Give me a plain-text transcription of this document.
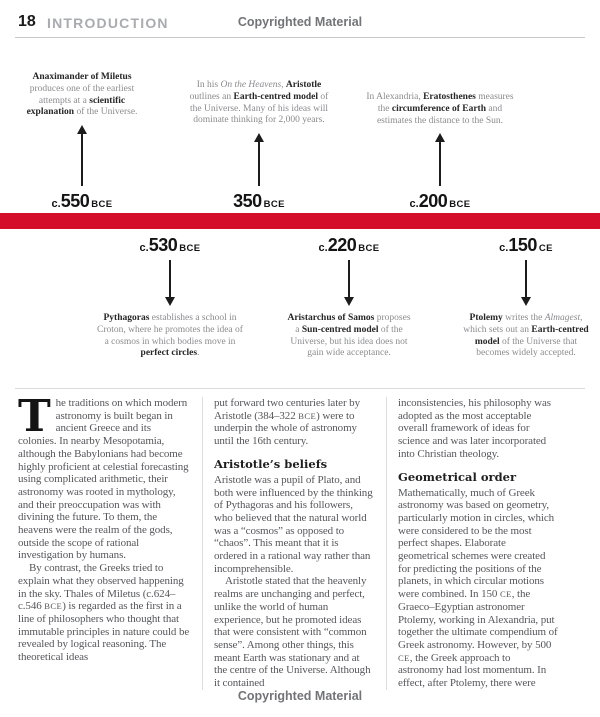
18 INTRODUCTION	Copyrighted Material
Anaximander of Miletus produces one of the earliest attempts at a scientific explanation of the Universe.
c. 550 BCE
In his On the Heavens, Aristotle outlines an Earth-centred model of the Universe. Many of his ideas will dominate thinking for 2,000 years.
350 BCE
In Alexandria, Eratosthenes measures the circumference of Earth and estimates the distance to the Sun.
c. 200 BCE
c. 530 BCE
Pythagoras establishes a school in Croton, where he promotes the idea of a cosmos in which bodies move in perfect circles.
c. 220 BCE
Aristarchus of Samos proposes a Sun-centred model of the Universe, but his idea does not gain wide acceptance.
c. 150 CE
Ptolemy writes the Almagest, which sets out an Earth-centred model of the Universe that becomes widely accepted.

The traditions on which modern astronomy is built began in ancient Greece and its colonies. In nearby Mesopotamia, although the Babylonians had become highly proficient at celestial forecasting using complicated arithmetic, their astronomy was rooted in mythology, and their preoccupation was with divining the future. To them, the heavens were the realm of the gods, outside the scope of rational investigation by humans.

By contrast, the Greeks tried to explain what they observed happening in the sky. Thales of Miletus (c.624–c.546 BCE) is regarded as the first in a line of philosophers who thought that immutable principles in nature could be revealed by logical reasoning. The theoretical ideas

put forward two centuries later by Aristotle (384–322 BCE) were to underpin the whole of astronomy until the 16th century.

Aristotle’s beliefs

Aristotle was a pupil of Plato, and both were influenced by the thinking of Pythagoras and his followers, who believed that the natural world was a “cosmos” as opposed to “chaos”. This meant that it is ordered in a rational way rather than incomprehensible.

Aristotle stated that the heavenly realms are unchanging and perfect, unlike the world of human experience, but he promoted ideas that were consistent with “common sense”. Among other things, this meant Earth was stationary and at the centre of the Universe. Although it contained

inconsistencies, his philosophy was adopted as the most acceptable overall framework of ideas for science and was later incorporated into Christian theology.

Geometrical order

Mathematically, much of Greek astronomy was based on geometry, particularly motion in circles, which were considered to be the most perfect shapes. Elaborate geometrical schemes were created for predicting the positions of the planets, in which circular motions were combined. In 150 CE, the Graeco–Egyptian astronomer Ptolemy, working in Alexandria, put together the ultimate compendium of Greek astronomy. However, by 500 CE, the Greek approach to astronomy had lost momentum. In effect, after Ptolemy, there were

Copyrighted Material
